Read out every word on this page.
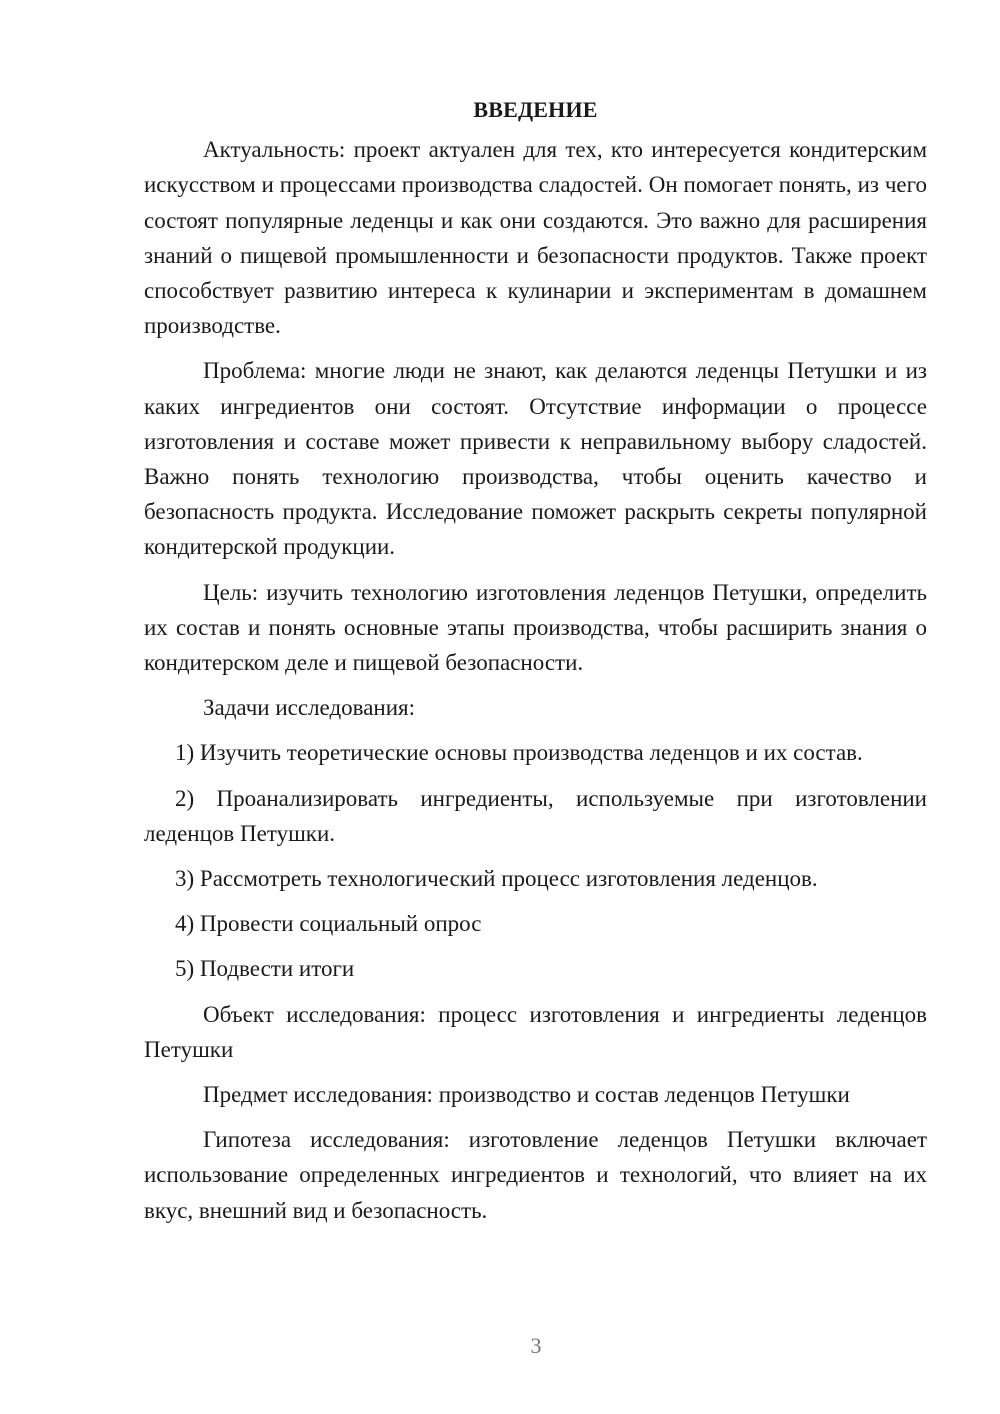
ВВЕДЕНИЕ

Актуальность: проект актуален для тех, кто интересуется кондитерским искусством и процессами производства сладостей. Он помогает понять, из чего состоят популярные леденцы и как они создаются. Это важно для расширения знаний о пищевой промышленности и безопасности продуктов. Также проект способствует развитию интереса к кулинарии и экспериментам в домашнем производстве.

Проблема: многие люди не знают, как делаются леденцы Петушки и из каких ингредиентов они состоят. Отсутствие информации о процессе изготовления и составе может привести к неправильному выбору сладостей. Важно понять технологию производства, чтобы оценить качество и безопасность продукта. Исследование поможет раскрыть секреты популярной кондитерской продукции.

Цель: изучить технологию изготовления леденцов Петушки, определить их состав и понять основные этапы производства, чтобы расширить знания о кондитерском деле и пищевой безопасности.

Задачи исследования:

1) Изучить теоретические основы производства леденцов и их состав.

2) Проанализировать ингредиенты, используемые при изготовлении леденцов Петушки.

3) Рассмотреть технологический процесс изготовления леденцов.

4) Провести социальный опрос

5) Подвести итоги

Объект исследования: процесс изготовления и ингредиенты леденцов Петушки

Предмет исследования: производство и состав леденцов Петушки

Гипотеза исследования: изготовление леденцов Петушки включает использование определенных ингредиентов и технологий, что влияет на их вкус, внешний вид и безопасность.

3
